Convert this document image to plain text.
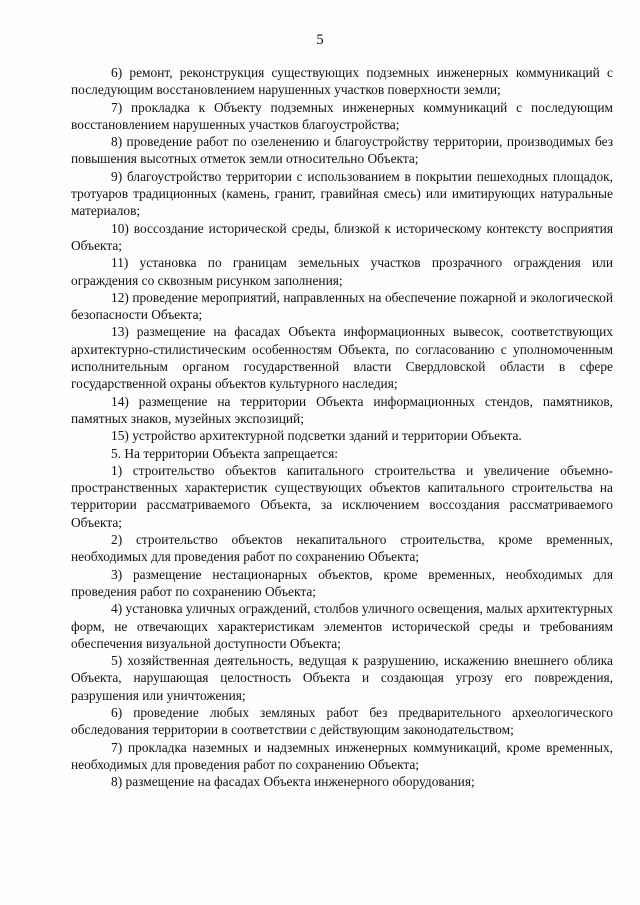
5

6) ремонт, реконструкция существующих подземных инженерных коммуникаций с последующим восстановлением нарушенных участков поверхности земли;

7) прокладка к Объекту подземных инженерных коммуникаций с последующим восстановлением нарушенных участков благоустройства;

8) проведение работ по озеленению и благоустройству территории, производимых без повышения высотных отметок земли относительно Объекта;

9) благоустройство территории с использованием в покрытии пешеходных площадок, тротуаров традиционных (камень, гранит, гравийная смесь) или имитирующих натуральные материалов;

10) воссоздание исторической среды, близкой к историческому контексту восприятия Объекта;

11) установка по границам земельных участков прозрачного ограждения или ограждения со сквозным рисунком заполнения;

12) проведение мероприятий, направленных на обеспечение пожарной и экологической безопасности Объекта;

13) размещение на фасадах Объекта информационных вывесок, соответствующих архитектурно-стилистическим особенностям Объекта, по согласованию с уполномоченным исполнительным органом государственной власти Свердловской области в сфере государственной охраны объектов культурного наследия;

14) размещение на территории Объекта информационных стендов, памятников, памятных знаков, музейных экспозиций;

15) устройство архитектурной подсветки зданий и территории Объекта.

5. На территории Объекта запрещается:

1) строительство объектов капитального строительства и увеличение объемно-пространственных характеристик существующих объектов капитального строительства на территории рассматриваемого Объекта, за исключением воссоздания рассматриваемого Объекта;

2) строительство объектов некапитального строительства, кроме временных, необходимых для проведения работ по сохранению Объекта;

3) размещение нестационарных объектов, кроме временных, необходимых для проведения работ по сохранению Объекта;

4) установка уличных ограждений, столбов уличного освещения, малых архитектурных форм, не отвечающих характеристикам элементов исторической среды и требованиям обеспечения визуальной доступности Объекта;

5) хозяйственная деятельность, ведущая к разрушению, искажению внешнего облика Объекта, нарушающая целостность Объекта и создающая угрозу его повреждения, разрушения или уничтожения;

6) проведение любых земляных работ без предварительного археологического обследования территории в соответствии с действующим законодательством;

7) прокладка наземных и надземных инженерных коммуникаций, кроме временных, необходимых для проведения работ по сохранению Объекта;

8) размещение на фасадах Объекта инженерного оборудования;
